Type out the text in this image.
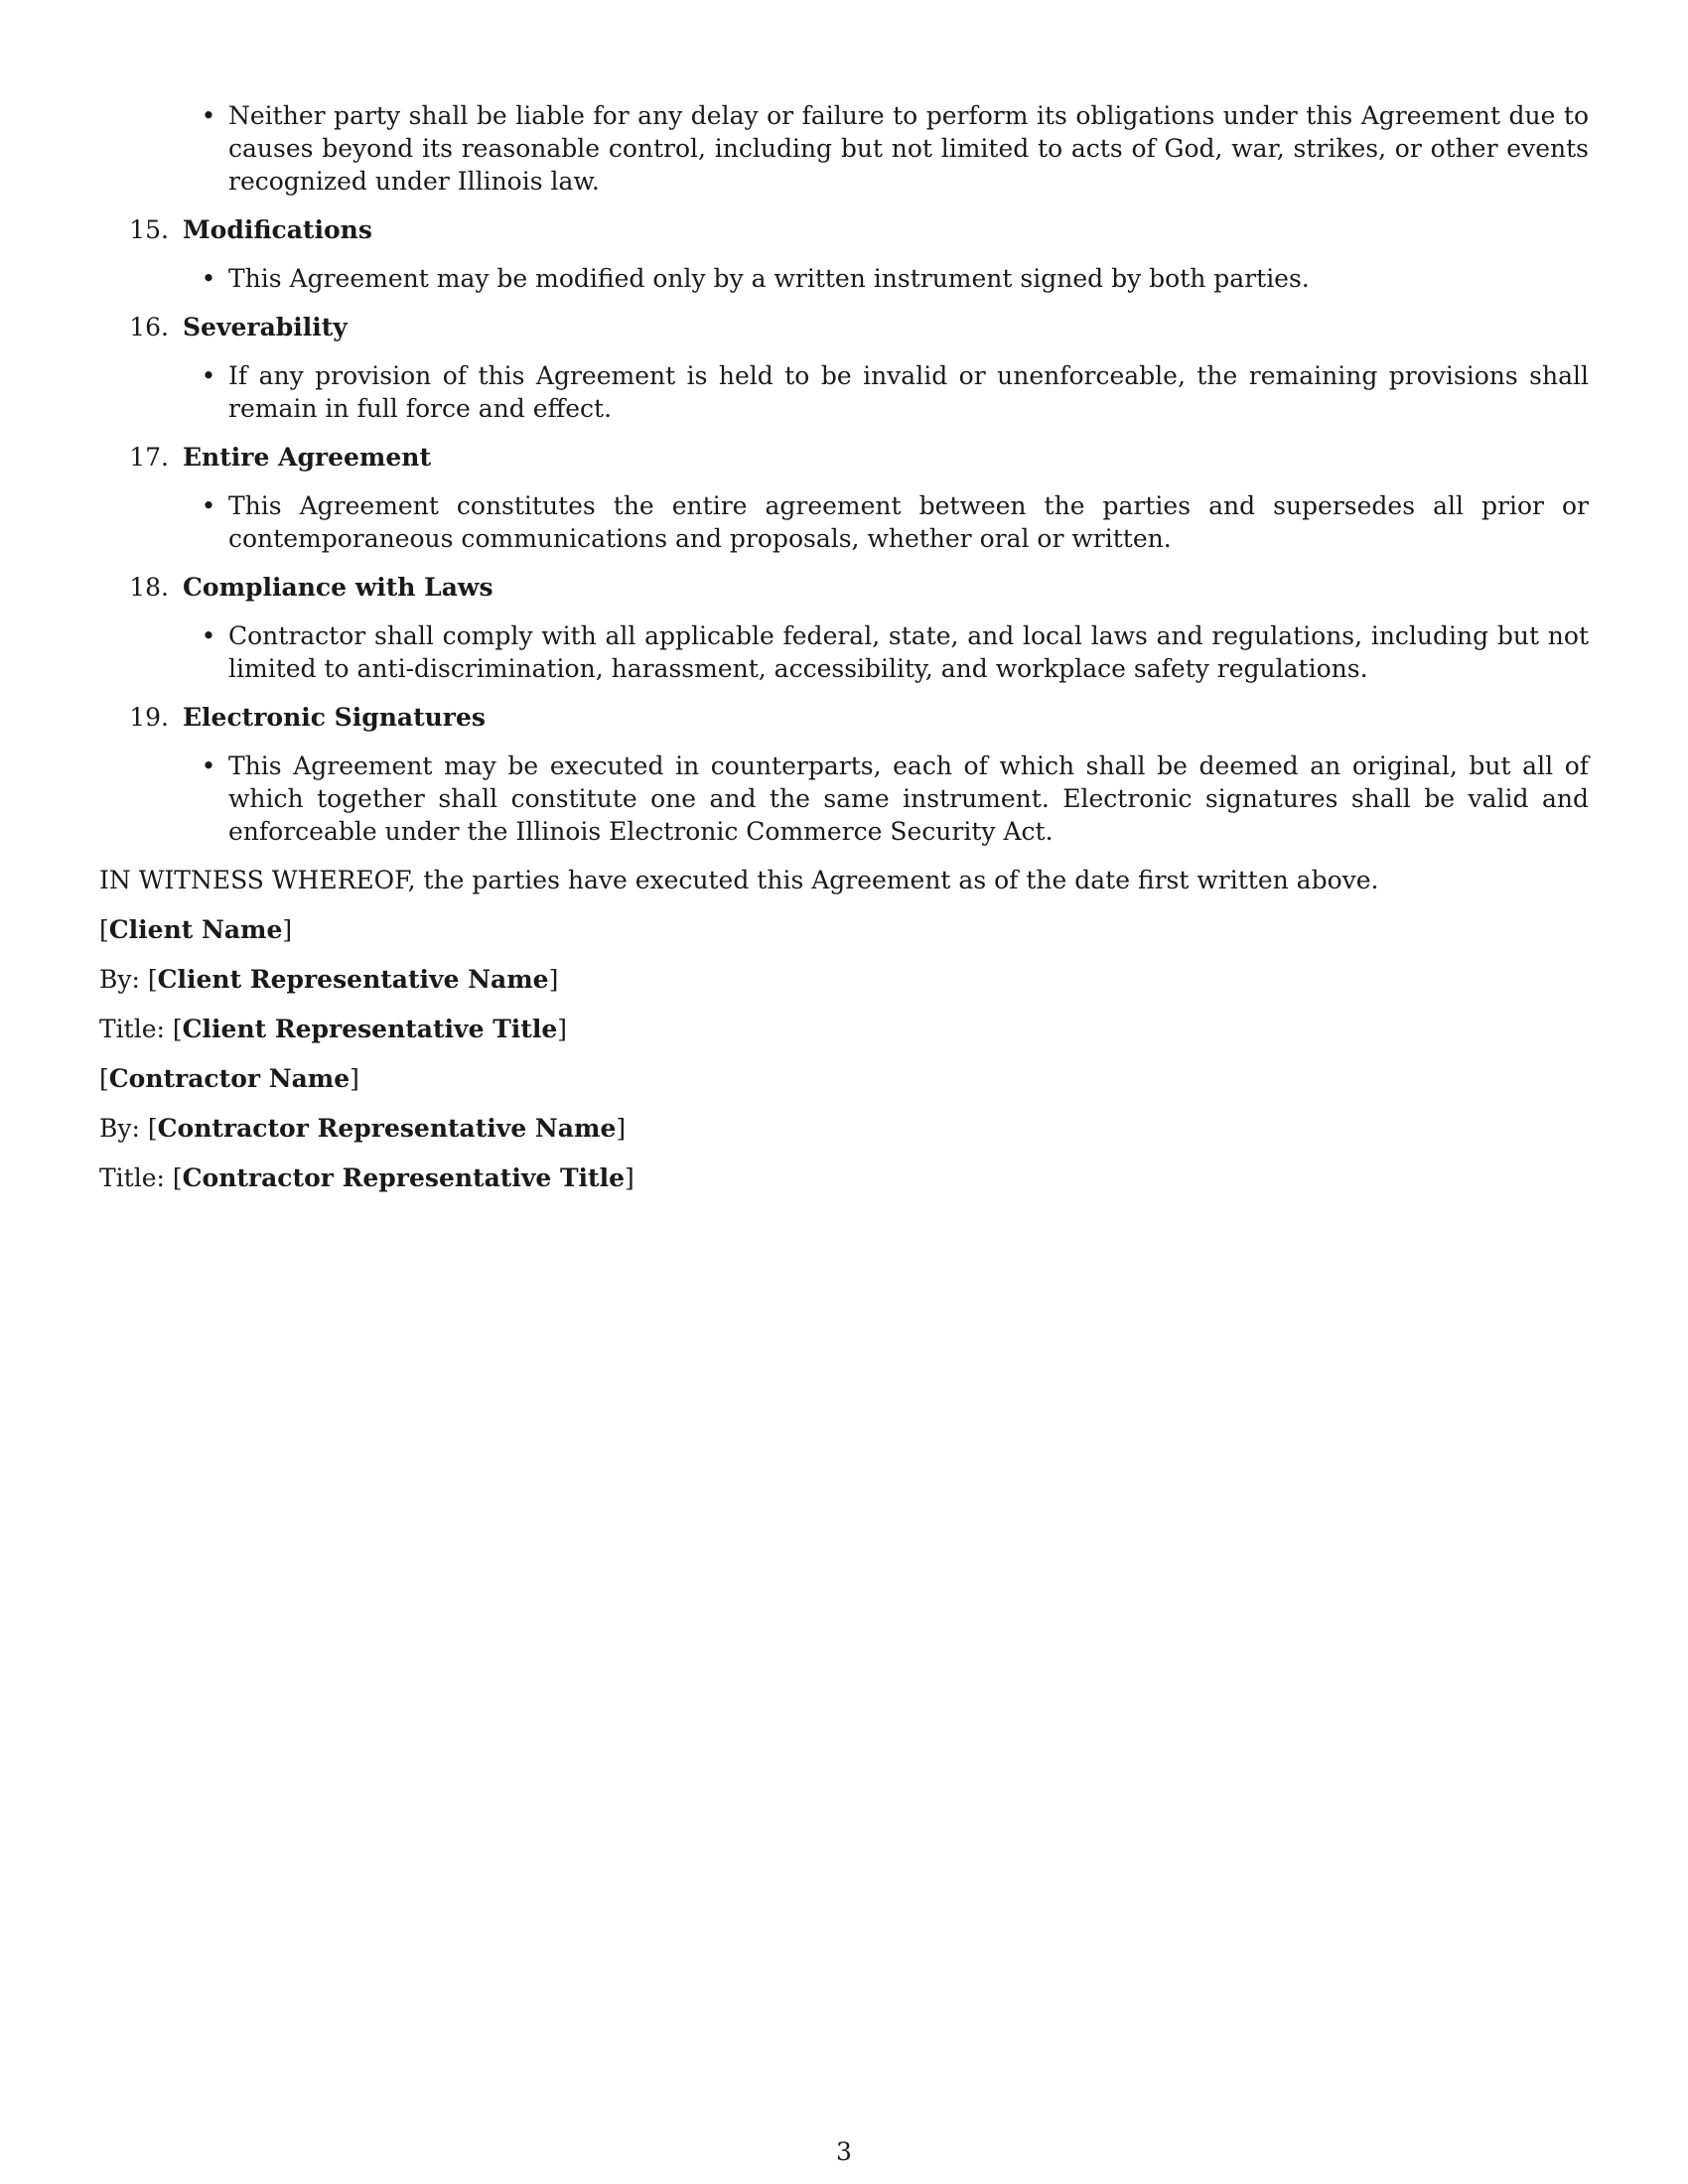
• Neither party shall be liable for any delay or failure to perform its obligations under this Agreement due to causes beyond its reasonable control, including but not limited to acts of God, war, strikes, or other events recognized under Illinois law.
15. Modifications
• This Agreement may be modified only by a written instrument signed by both parties.
16. Severability
• If any provision of this Agreement is held to be invalid or unenforceable, the remaining provisions shall remain in full force and effect.
17. Entire Agreement
• This Agreement constitutes the entire agreement between the parties and supersedes all prior or contemporaneous communications and proposals, whether oral or written.
18. Compliance with Laws
• Contractor shall comply with all applicable federal, state, and local laws and regulations, including but not limited to anti-discrimination, harassment, accessibility, and workplace safety regulations.
19. Electronic Signatures
• This Agreement may be executed in counterparts, each of which shall be deemed an original, but all of which together shall constitute one and the same instrument. Electronic signatures shall be valid and enforceable under the Illinois Electronic Commerce Security Act.
IN WITNESS WHEREOF, the parties have executed this Agreement as of the date first written above.
[Client Name]
By: [Client Representative Name]
Title: [Client Representative Title]
[Contractor Name]
By: [Contractor Representative Name]
Title: [Contractor Representative Title]
3
